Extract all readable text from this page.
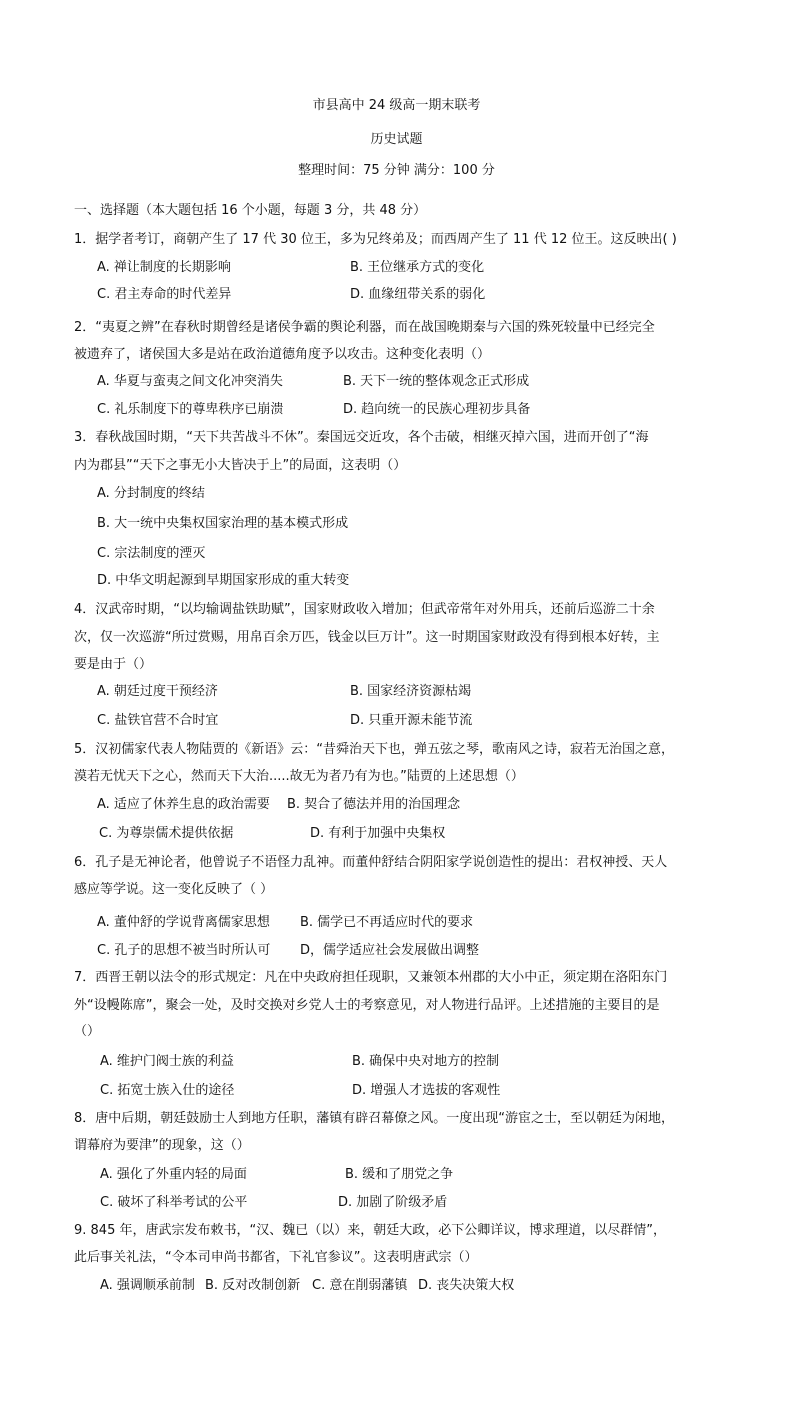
市县高中 24 级高一期末联考
历史试题
整理时间：75 分钟 满分：100 分
一、选择题（本大题包括 16 个小题，每题 3 分，共 48 分）
1．据学者考订，商朝产生了 17 代 30 位王，多为兄终弟及；而西周产生了 11 代 12 位王。这反映出( )
A. 禅让制度的长期影响	B. 王位继承方式的变化
C. 君主寿命的时代差异	D. 血缘纽带关系的弱化
2．“夷夏之辨”在春秋时期曾经是诸侯争霸的舆论利器，而在战国晚期秦与六国的殊死较量中已经完全
被遗弃了，诸侯国大多是站在政治道德角度予以攻击。这种变化表明（）
A. 华夏与蛮夷之间文化冲突消失	B. 天下一统的整体观念正式形成
C. 礼乐制度下的尊卑秩序已崩溃	D. 趋向统一的民族心理初步具备
3．春秋战国时期，“天下共苦战斗不休”。秦国远交近攻，各个击破，相继灭掉六国，进而开创了“海
内为郡县”“天下之事无小大皆决于上”的局面，这表明（）
A. 分封制度的终结
B. 大一统中央集权国家治理的基本模式形成
C. 宗法制度的湮灭
D. 中华文明起源到早期国家形成的重大转变
4．汉武帝时期，“以均输调盐铁助赋”，国家财政收入增加；但武帝常年对外用兵，还前后巡游二十余
次，仅一次巡游“所过赏赐，用帛百余万匹，钱金以巨万计”。这一时期国家财政没有得到根本好转，主
要是由于（）
A. 朝廷过度干预经济	B. 国家经济资源枯竭
C. 盐铁官营不合时宜	D. 只重开源未能节流
5．汉初儒家代表人物陆贾的《新语》云：“昔舜治天下也，弹五弦之琴，歌南风之诗，寂若无治国之意，
漠若无忧天下之心，然而天下大治.....故无为者乃有为也。”陆贾的上述思想（）
A. 适应了休养生息的政治需要 B. 契合了德法并用的治国理念
C. 为尊崇儒术提供依据	D. 有利于加强中央集权
6．孔子是无神论者，他曾说子不语怪力乱神。而董仲舒结合阴阳家学说创造性的提出：君权神授、天人
感应等学说。这一变化反映了（ ）
A. 董仲舒的学说背离儒家思想 B. 儒学已不再适应时代的要求
C. 孔子的思想不被当时所认可 D，儒学适应社会发展做出调整
7．西晋王朝以法令的形式规定：凡在中央政府担任现职，又兼领本州郡的大小中正，须定期在洛阳东门
外“设幔陈席”，聚会一处，及时交换对乡党人士的考察意见，对人物进行品评。上述措施的主要目的是
（）
A. 维护门阀士族的利益	B. 确保中央对地方的控制
C. 拓宽士族入仕的途径	D. 增强人才选拔的客观性
8．唐中后期，朝廷鼓励士人到地方任职，藩镇有辟召幕僚之风。一度出现“游宦之士，至以朝廷为闲地，
谓幕府为要津”的现象，这（）
A. 强化了外重内轻的局面	B. 缓和了朋党之争
C. 破坏了科举考试的公平	D. 加剧了阶级矛盾
9. 845 年，唐武宗发布敕书，“汉、魏已（以）来，朝廷大政，必下公卿详议，博求理道，以尽群情”，
此后事关礼法，“令本司申尚书都省，下礼官参议”。这表明唐武宗（）
A. 强调顺承前制 B. 反对改制创新 C. 意在削弱藩镇 D. 丧失决策大权
